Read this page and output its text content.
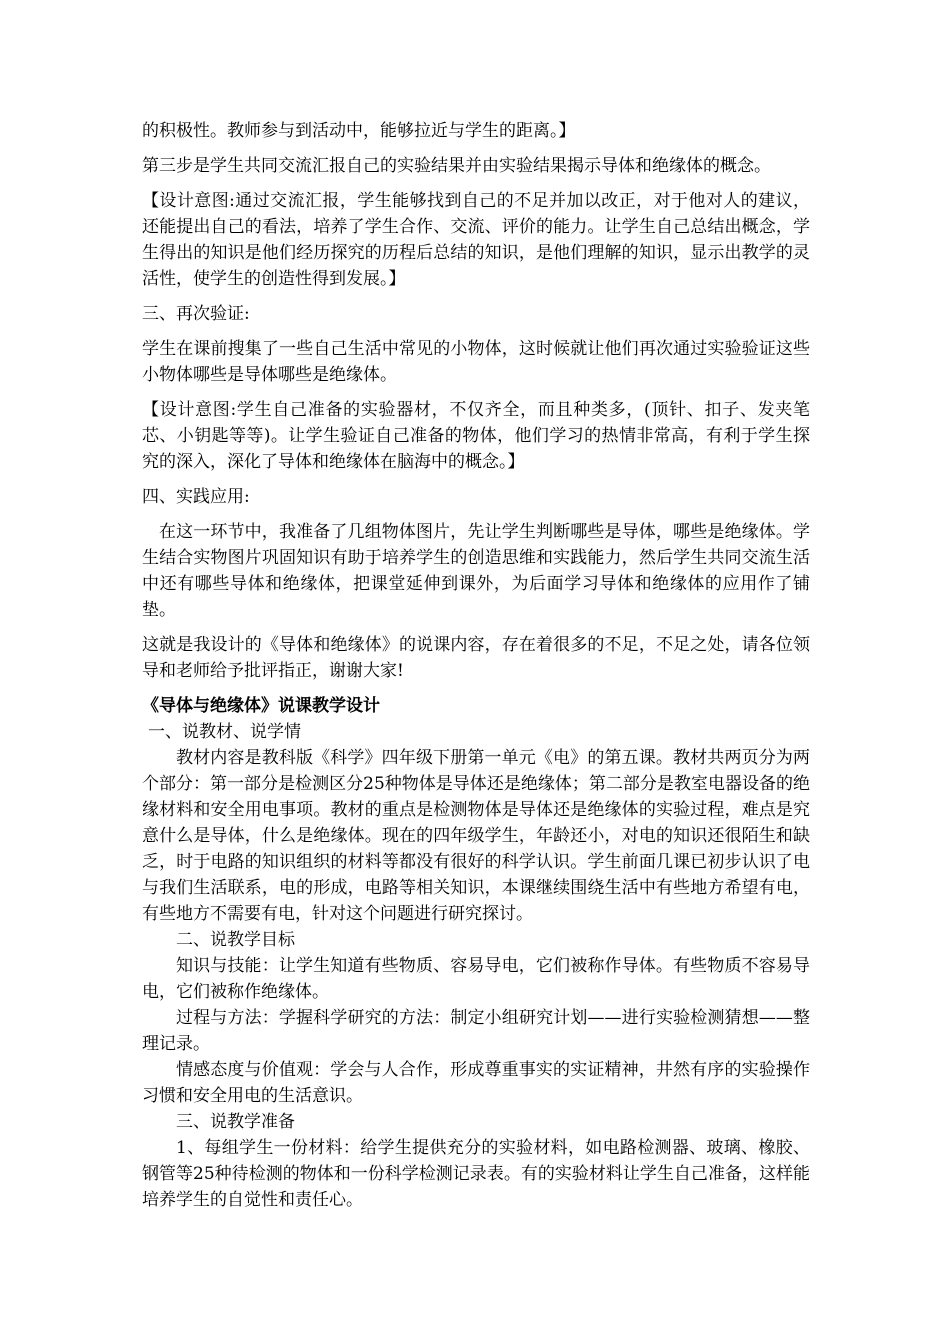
的积极性。教师参与到活动中，能够拉近与学生的距离。】

第三步是学生共同交流汇报自己的实验结果并由实验结果揭示导体和绝缘体的概念。

【设计意图:通过交流汇报，学生能够找到自己的不足并加以改正，对于他对人的建议，还能提出自己的看法，培养了学生合作、交流、评价的能力。让学生自己总结出概念，学生得出的知识是他们经历探究的历程后总结的知识，是他们理解的知识，显示出教学的灵活性，使学生的创造性得到发展。】

三、再次验证:

学生在课前搜集了一些自己生活中常见的小物体，这时候就让他们再次通过实验验证这些小物体哪些是导体哪些是绝缘体。

【设计意图:学生自己准备的实验器材，不仅齐全，而且种类多，(顶针、扣子、发夹笔芯、小钥匙等等)。让学生验证自己准备的物体，他们学习的热情非常高，有利于学生探究的深入，深化了导体和绝缘体在脑海中的概念。】

四、实践应用:

在这一环节中，我准备了几组物体图片，先让学生判断哪些是导体，哪些是绝缘体。学生结合实物图片巩固知识有助于培养学生的创造思维和实践能力，然后学生共同交流生活中还有哪些导体和绝缘体，把课堂延伸到课外，为后面学习导体和绝缘体的应用作了铺垫。

这就是我设计的《导体和绝缘体》的说课内容，存在着很多的不足，不足之处，请各位领导和老师给予批评指正，谢谢大家!

《导体与绝缘体》说课教学设计

一、说教材、说学情

教材内容是教科版《科学》四年级下册第一单元《电》的第五课。教材共两页分为两个部分：第一部分是检测区分25种物体是导体还是绝缘体；第二部分是教室电器设备的绝缘材料和安全用电事项。教材的重点是检测物体是导体还是绝缘体的实验过程，难点是究意什么是导体，什么是绝缘体。现在的四年级学生，年龄还小，对电的知识还很陌生和缺乏，时于电路的知识组织的材料等都没有很好的科学认识。学生前面几课已初步认识了电与我们生活联系，电的形成，电路等相关知识，本课继续围绕生活中有些地方希望有电，有些地方不需要有电，针对这个问题进行研究探讨。

二、说教学目标

知识与技能：让学生知道有些物质、容易导电，它们被称作导体。有些物质不容易导电，它们被称作绝缘体。

过程与方法：学握科学研究的方法：制定小组研究计划——进行实验检测猜想——整理记录。

情感态度与价值观：学会与人合作，形成尊重事实的实证精神，井然有序的实验操作习惯和安全用电的生活意识。

三、说教学准备

1、每组学生一份材料：给学生提供充分的实验材料，如电路检测器、玻璃、橡胶、钢管等25种待检测的物体和一份科学检测记录表。有的实验材料让学生自己准备，这样能培养学生的自觉性和责任心。
